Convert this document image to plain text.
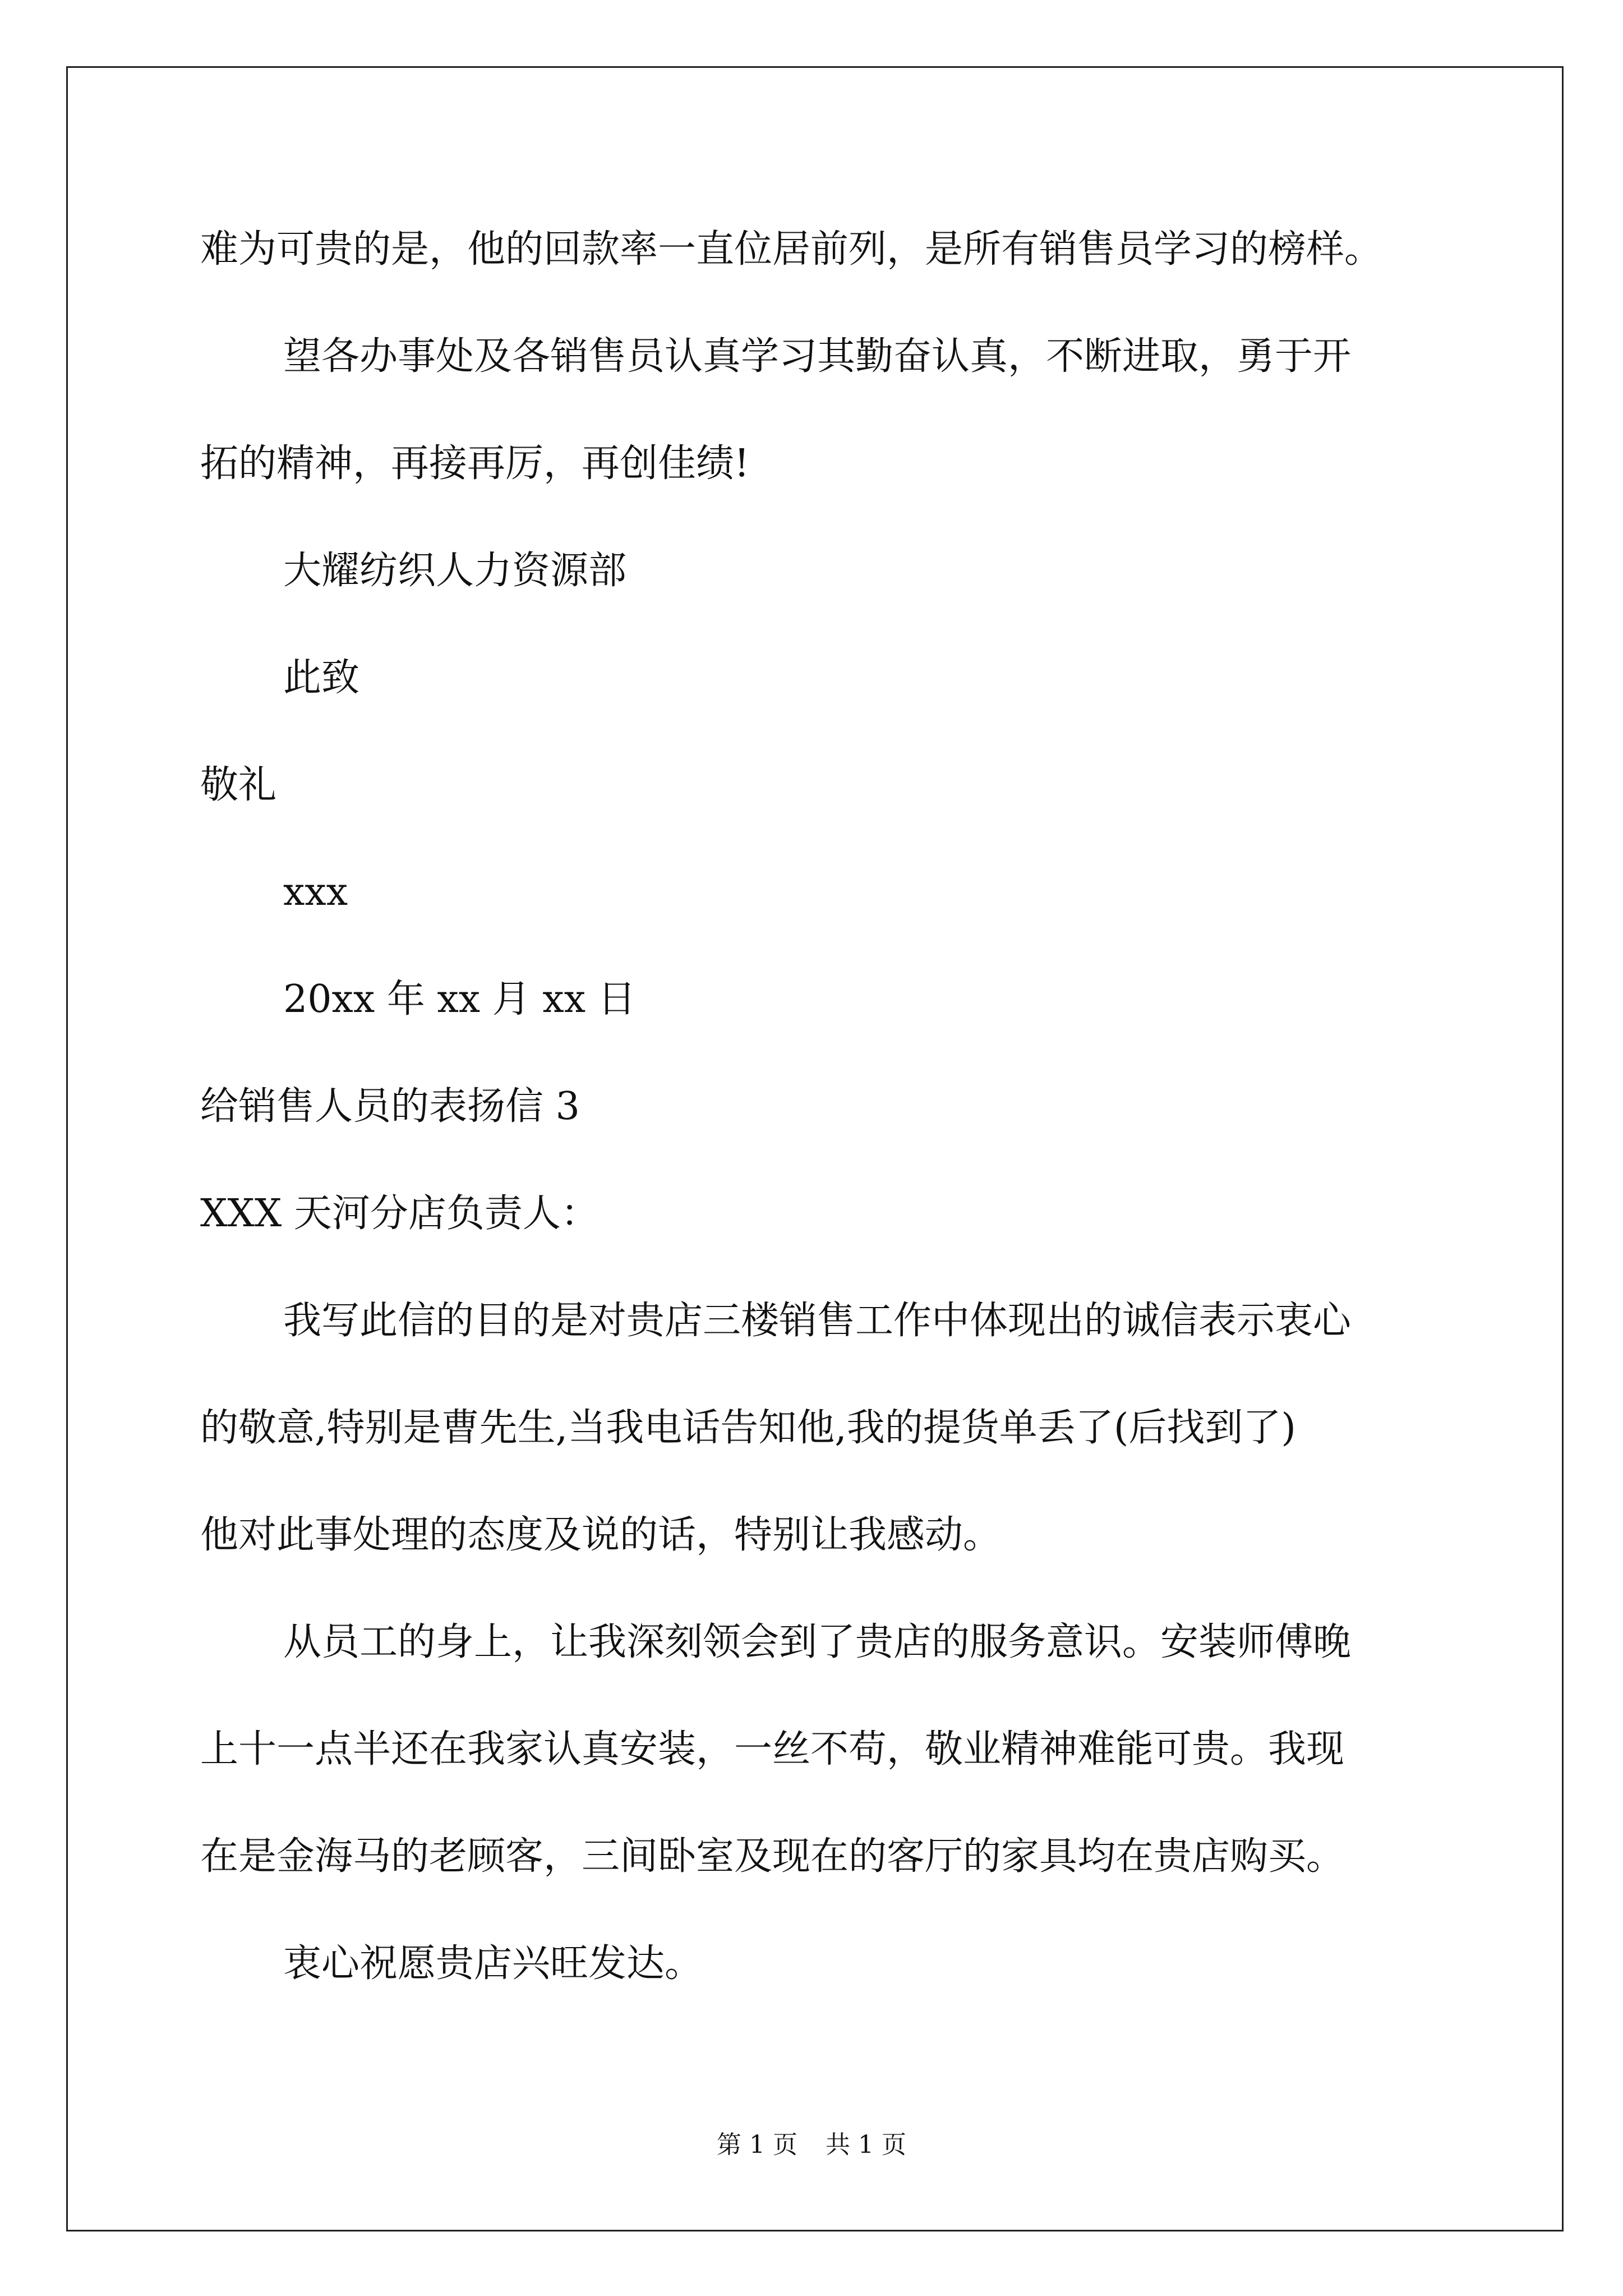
难为可贵的是，他的回款率一直位居前列，是所有销售员学习的榜样。
望各办事处及各销售员认真学习其勤奋认真，不断进取，勇于开
拓的精神，再接再厉，再创佳绩!
大耀纺织人力资源部
此致
敬礼
xxx
20xx 年 xx 月 xx 日
给销售人员的表扬信 3
XXX 天河分店负责人：
我写此信的目的是对贵店三楼销售工作中体现出的诚信表示衷心
的敬意,特别是曹先生,当我电话告知他,我的提货单丢了(后找到了)
他对此事处理的态度及说的话，特别让我感动。
从员工的身上，让我深刻领会到了贵店的服务意识。安装师傅晚
上十一点半还在我家认真安装，一丝不苟，敬业精神难能可贵。我现
在是金海马的老顾客，三间卧室及现在的客厅的家具均在贵店购买。
衷心祝愿贵店兴旺发达。
第 1 页 共 1 页
